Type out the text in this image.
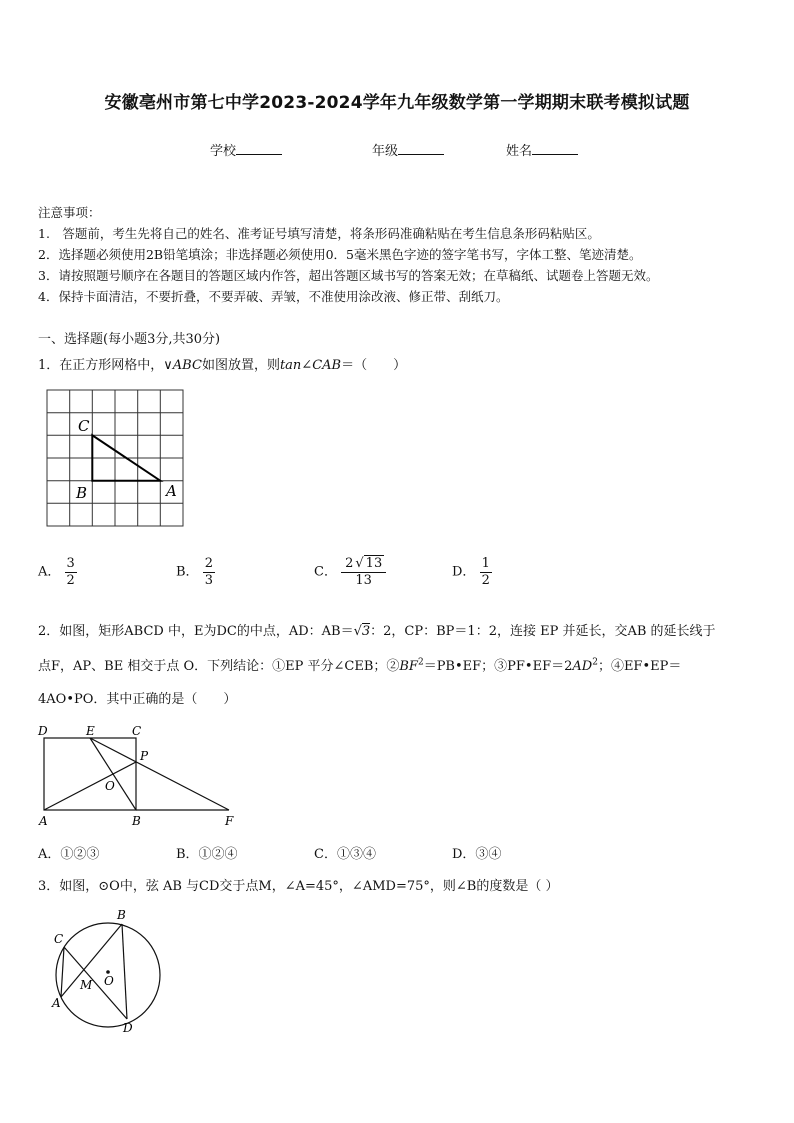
安徽亳州市第七中学2023-2024学年九年级数学第一学期期末联考模拟试题
学校	年级	姓名
注意事项：
1.　答题前，考生先将自己的姓名、准考证号填写清楚，将条形码准确粘贴在考生信息条形码粘贴区。
2．选择题必须使用2B铅笔填涂；非选择题必须使用0．5毫米黑色字迹的签字笔书写，字体工整、笔迹清楚。
3．请按照题号顺序在各题目的答题区域内作答，超出答题区域书写的答案无效；在草稿纸、试题卷上答题无效。
4．保持卡面清洁，不要折叠，不要弄破、弄皱，不准使用涂改液、修正带、刮纸刀。
一、选择题(每小题3分,共30分)
1．在正方形网格中，∨ABC如图放置，则tan∠CAB＝（　　）
C
B	A
A． $\frac{3}{2}$	B． $\frac{2}{3}$	C． $\frac{2 √ 13}{13}$	D． $\frac{1}{2}$
2．如图，矩形ABCD 中，E为DC的中点，AD：AB＝√3：2，CP：BP＝1：2，连接 EP 并延长，交AB 的延长线于
点F，AP、BE 相交于点 O．下列结论：①EP 平分∠CEB；$②BF^2=PB•EF$；$③PF•EF=2AD^2$；④EF•EP＝
4AO•PO．其中正确的是（　　）
D	E	C
P
O
A	B	F
A．①②③	B．①②④	C．①③④	D．③④
3．如图，⊙O中，弦 AB 与CD交于点M，∠A=45°，∠AMD=75°，则∠B的度数是（ ）
B
C
M O
A
D
